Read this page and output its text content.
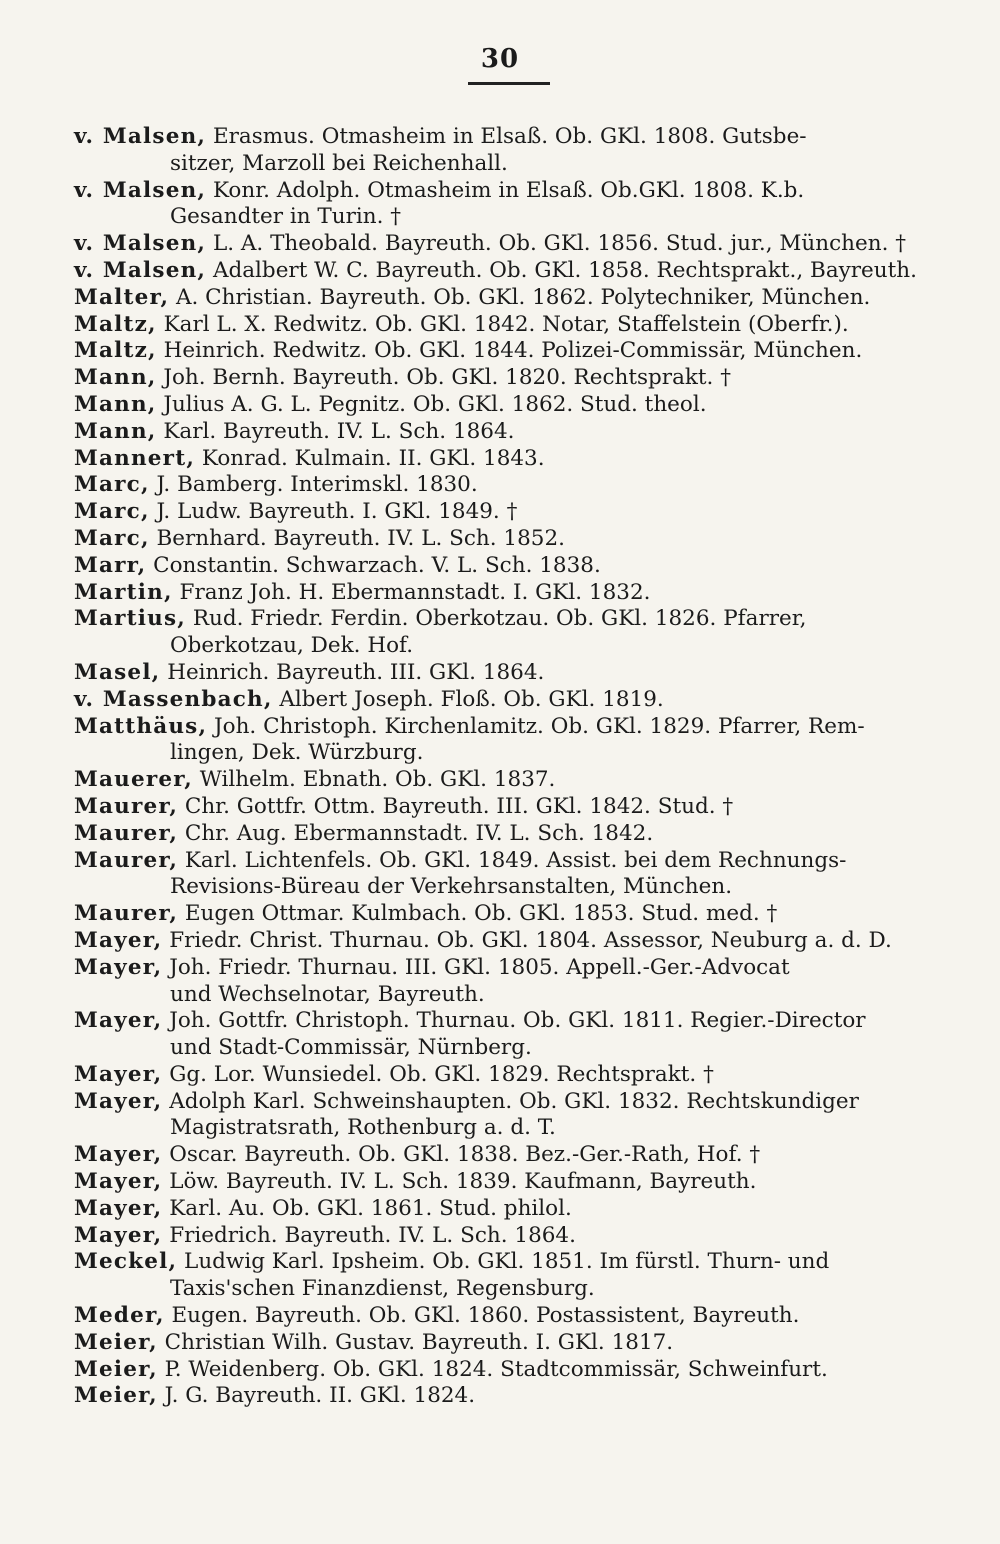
30

v. Malsen, Erasmus. Otmasheim in Elsaß. Ob. GKl. 1808. Gutsbe-
sitzer, Marzoll bei Reichenhall.

v. Malsen, Konr. Adolph. Otmasheim in Elsaß. Ob.GKl. 1808. K.b.
Gesandter in Turin. †

v. Malsen, L. A. Theobald. Bayreuth. Ob. GKl. 1856. Stud. jur., München. †

v. Malsen, Adalbert W. C. Bayreuth. Ob. GKl. 1858. Rechtsprakt., Bayreuth.

Malter, A. Christian. Bayreuth. Ob. GKl. 1862. Polytechniker, München.

Maltz, Karl L. X. Redwitz. Ob. GKl. 1842. Notar, Staffelstein (Oberfr.).

Maltz, Heinrich. Redwitz. Ob. GKl. 1844. Polizei-Commissär, München.

Mann, Joh. Bernh. Bayreuth. Ob. GKl. 1820. Rechtsprakt. †

Mann, Julius A. G. L. Pegnitz. Ob. GKl. 1862. Stud. theol.

Mann, Karl. Bayreuth. IV. L. Sch. 1864.

Mannert, Konrad. Kulmain. II. GKl. 1843.

Marc, J. Bamberg. Interimskl. 1830.

Marc, J. Ludw. Bayreuth. I. GKl. 1849. †

Marc, Bernhard. Bayreuth. IV. L. Sch. 1852.

Marr, Constantin. Schwarzach. V. L. Sch. 1838.

Martin, Franz Joh. H. Ebermannstadt. I. GKl. 1832.

Martius, Rud. Friedr. Ferdin. Oberkotzau. Ob. GKl. 1826. Pfarrer,
Oberkotzau, Dek. Hof.

Masel, Heinrich. Bayreuth. III. GKl. 1864.

v. Massenbach, Albert Joseph. Floß. Ob. GKl. 1819.

Matthäus, Joh. Christoph. Kirchenlamitz. Ob. GKl. 1829. Pfarrer, Rem-
lingen, Dek. Würzburg.

Mauerer, Wilhelm. Ebnath. Ob. GKl. 1837.

Maurer, Chr. Gottfr. Ottm. Bayreuth. III. GKl. 1842. Stud. †

Maurer, Chr. Aug. Ebermannstadt. IV. L. Sch. 1842.

Maurer, Karl. Lichtenfels. Ob. GKl. 1849. Assist. bei dem Rechnungs-
Revisions-Büreau der Verkehrsanstalten, München.

Maurer, Eugen Ottmar. Kulmbach. Ob. GKl. 1853. Stud. med. †

Mayer, Friedr. Christ. Thurnau. Ob. GKl. 1804. Assessor, Neuburg a. d. D.

Mayer, Joh. Friedr. Thurnau. III. GKl. 1805. Appell.-Ger.-Advocat
und Wechselnotar, Bayreuth.

Mayer, Joh. Gottfr. Christoph. Thurnau. Ob. GKl. 1811. Regier.-Director
und Stadt-Commissär, Nürnberg.

Mayer, Gg. Lor. Wunsiedel. Ob. GKl. 1829. Rechtsprakt. †

Mayer, Adolph Karl. Schweinshaupten. Ob. GKl. 1832. Rechtskundiger
Magistratsrath, Rothenburg a. d. T.

Mayer, Oscar. Bayreuth. Ob. GKl. 1838. Bez.-Ger.-Rath, Hof. †

Mayer, Löw. Bayreuth. IV. L. Sch. 1839. Kaufmann, Bayreuth.

Mayer, Karl. Au. Ob. GKl. 1861. Stud. philol.

Mayer, Friedrich. Bayreuth. IV. L. Sch. 1864.

Meckel, Ludwig Karl. Ipsheim. Ob. GKl. 1851. Im fürstl. Thurn- und
Taxis'schen Finanzdienst, Regensburg.

Meder, Eugen. Bayreuth. Ob. GKl. 1860. Postassistent, Bayreuth.

Meier, Christian Wilh. Gustav. Bayreuth. I. GKl. 1817.

Meier, P. Weidenberg. Ob. GKl. 1824. Stadtcommissär, Schweinfurt.

Meier, J. G. Bayreuth. II. GKl. 1824.
